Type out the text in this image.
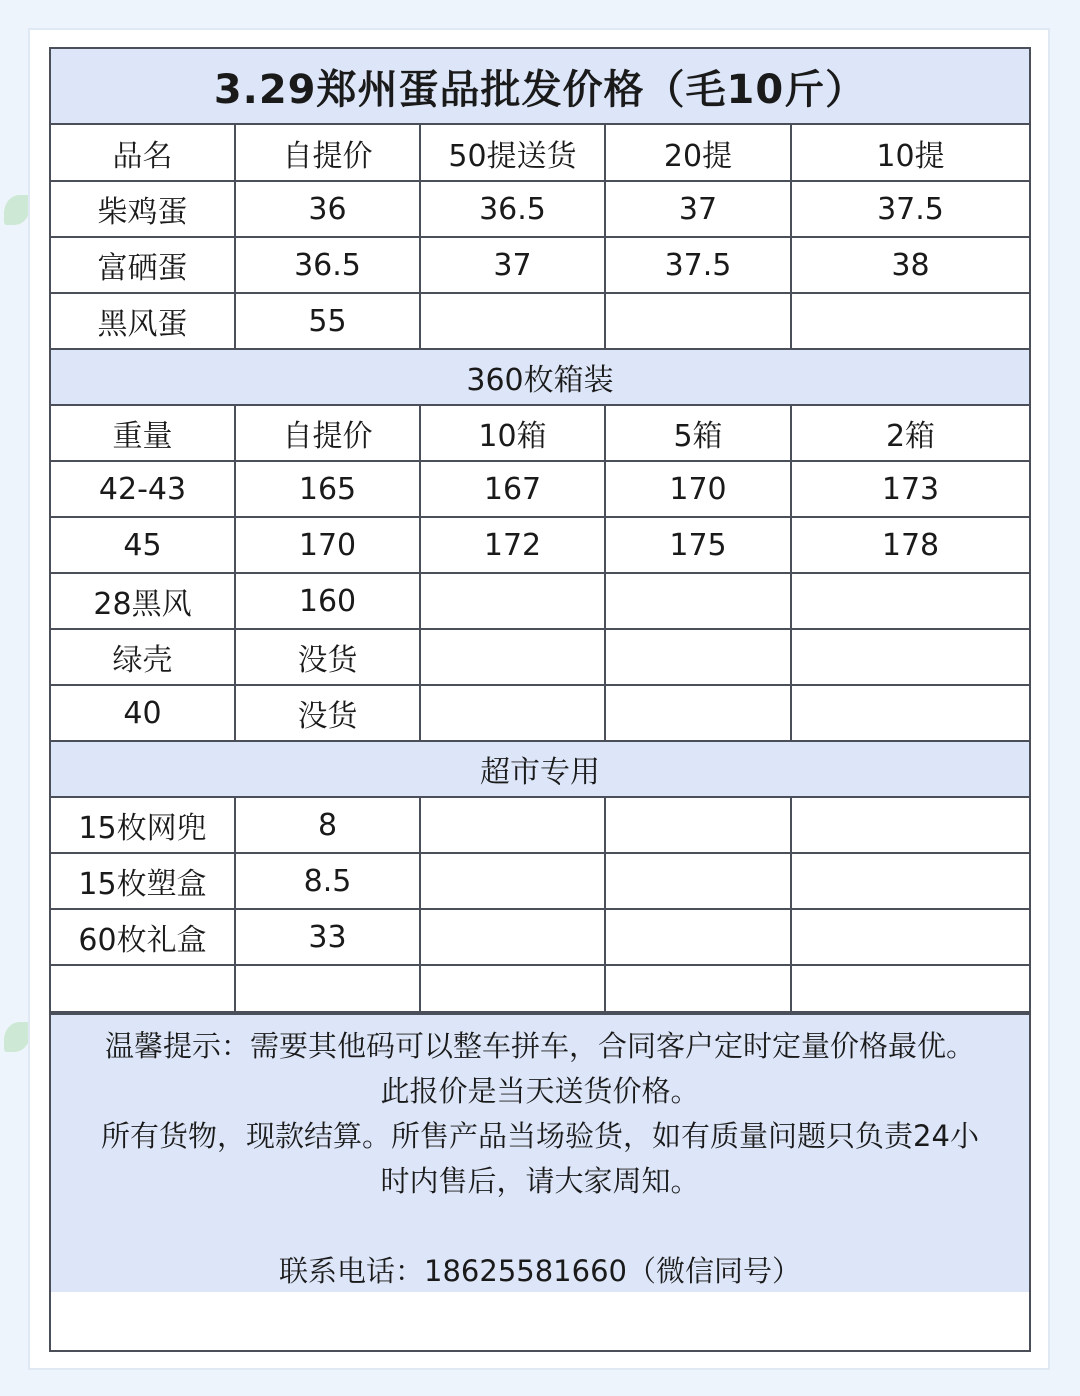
3.29郑州蛋品批发价格（毛10斤）
品名	自提价	50提送货	20提	10提
柴鸡蛋	36	36.5	37	37.5
富硒蛋	36.5	37	37.5	38
黑风蛋	55			
360枚箱装				
重量	自提价	10箱	5箱	2箱
42-43	165	167	170	173
45	170	172	175	178
28黑风	160			
绿壳	没货			
40	没货			
超市专用				
15枚网兜	8			
15枚塑盒	8.5			
60枚礼盒	33			

温馨提示：需要其他码可以整车拼车，合同客户定时定量价格最优。
此报价是当天送货价格。
所有货物，现款结算。所售产品当场验货，如有质量问题只负责24小
时内售后，请大家周知。
联系电话：18625581660（微信同号）
